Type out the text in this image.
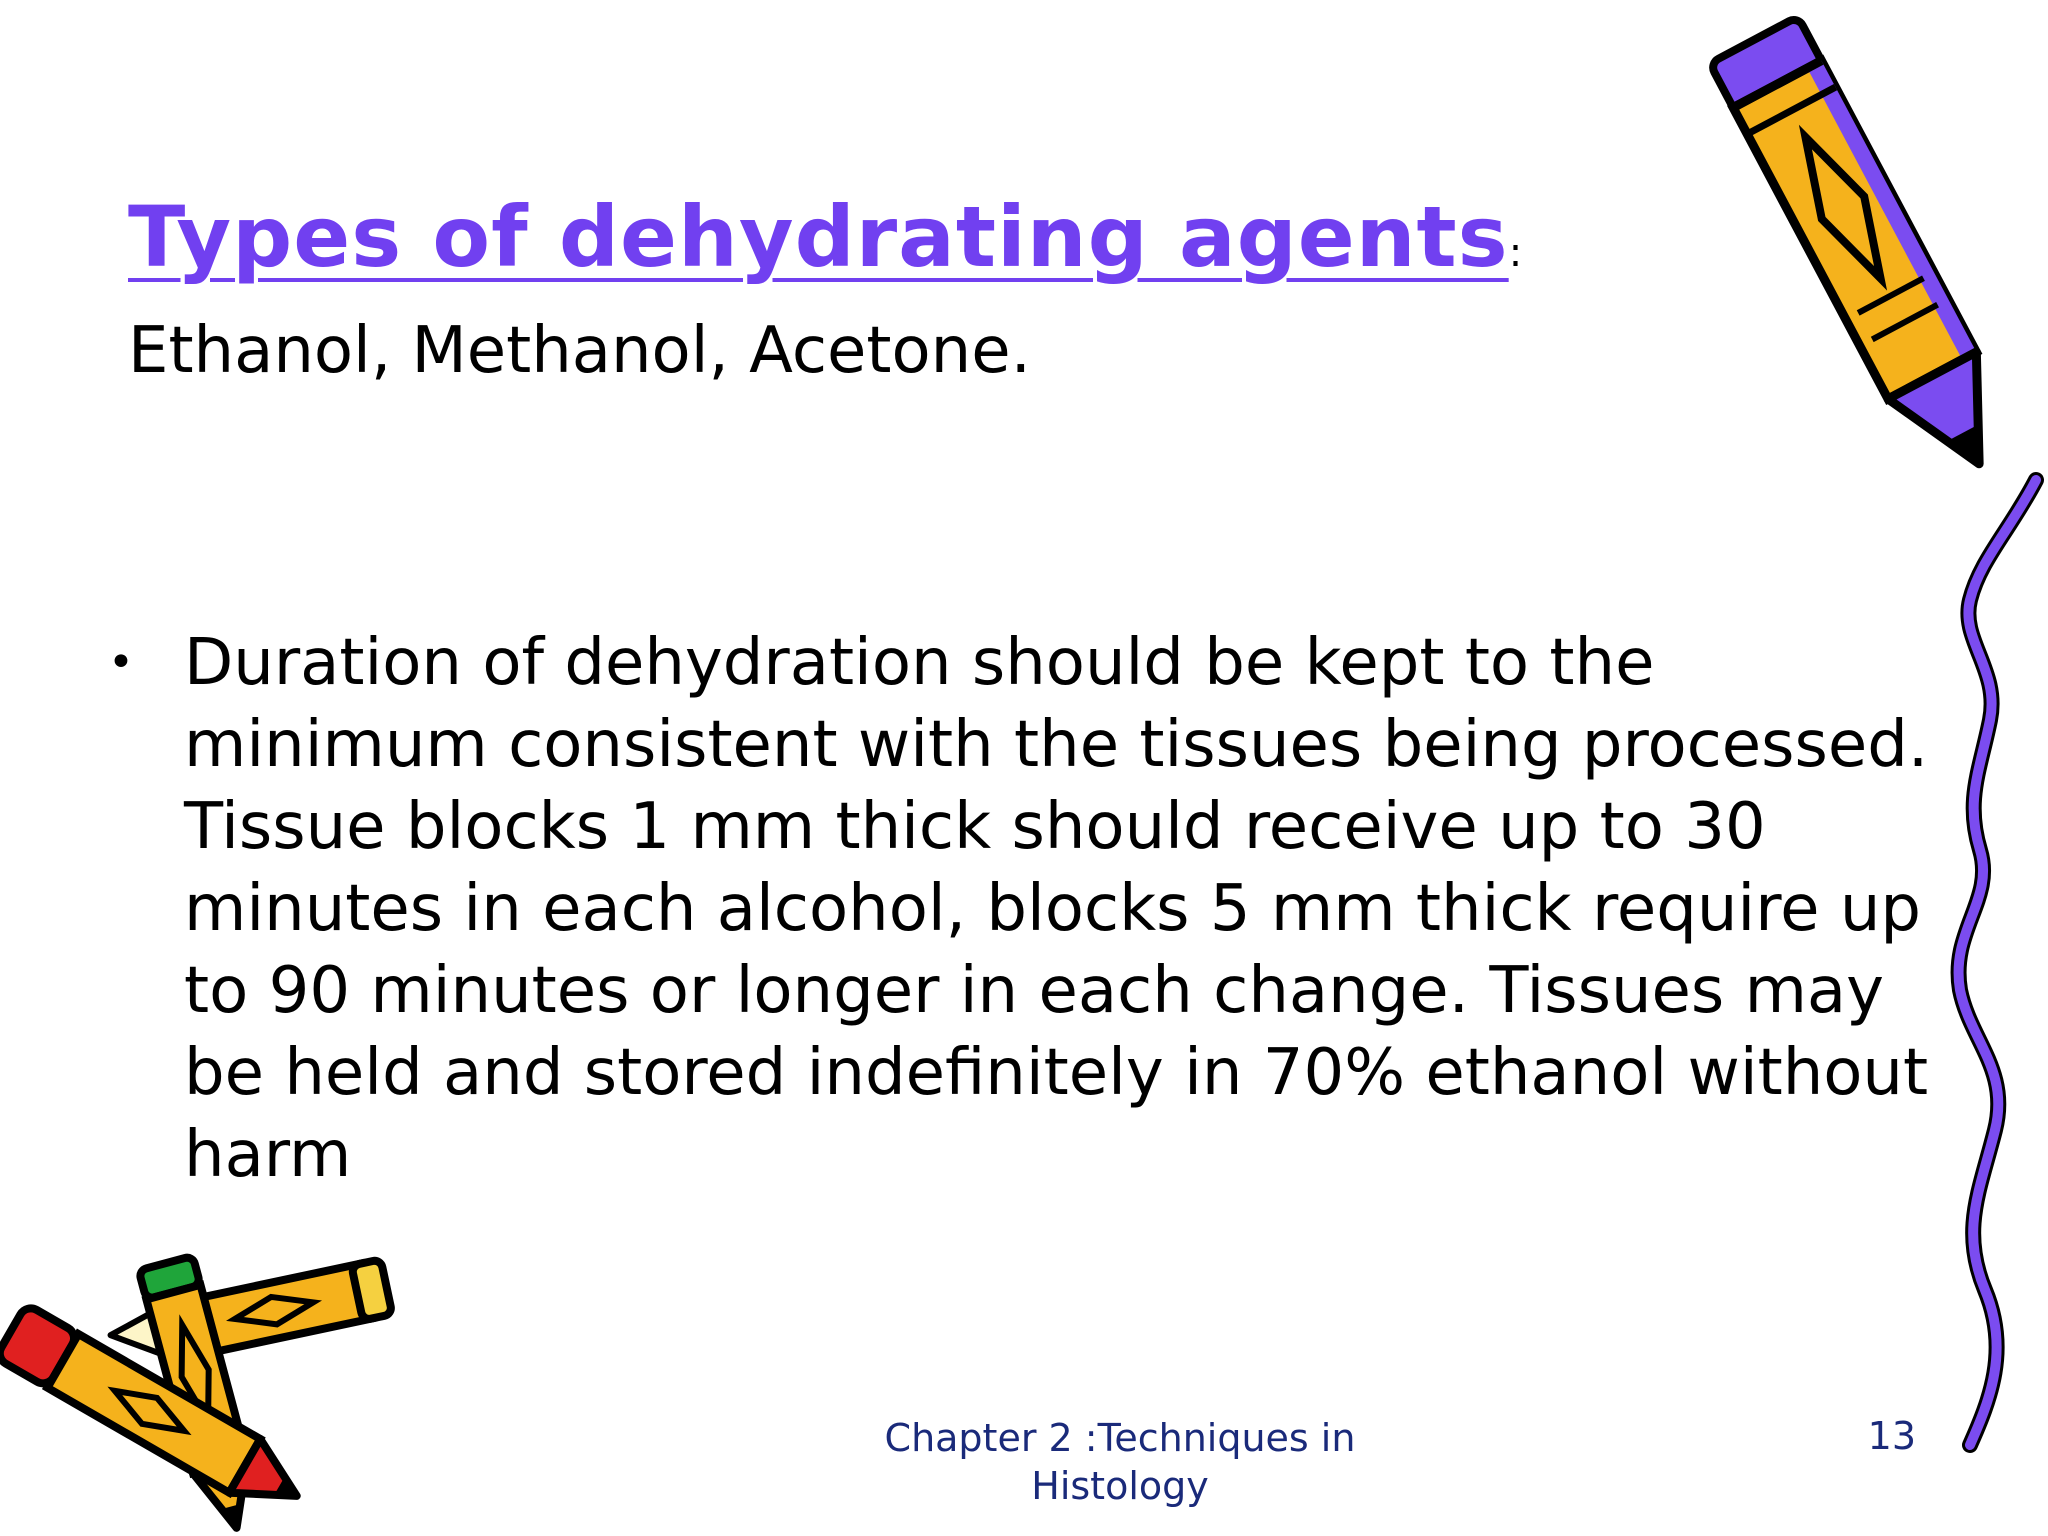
Types of dehydrating agents:
Ethanol, Methanol, Acetone.
• Duration of dehydration should be kept to the minimum consistent with the tissues being processed. Tissue blocks 1 mm thick should receive up to 30 minutes in each alcohol, blocks 5 mm thick require up to 90 minutes or longer in each change. Tissues may be held and stored indefinitely in 70% ethanol without harm
Chapter 2 :Techniques in
Histology
13
